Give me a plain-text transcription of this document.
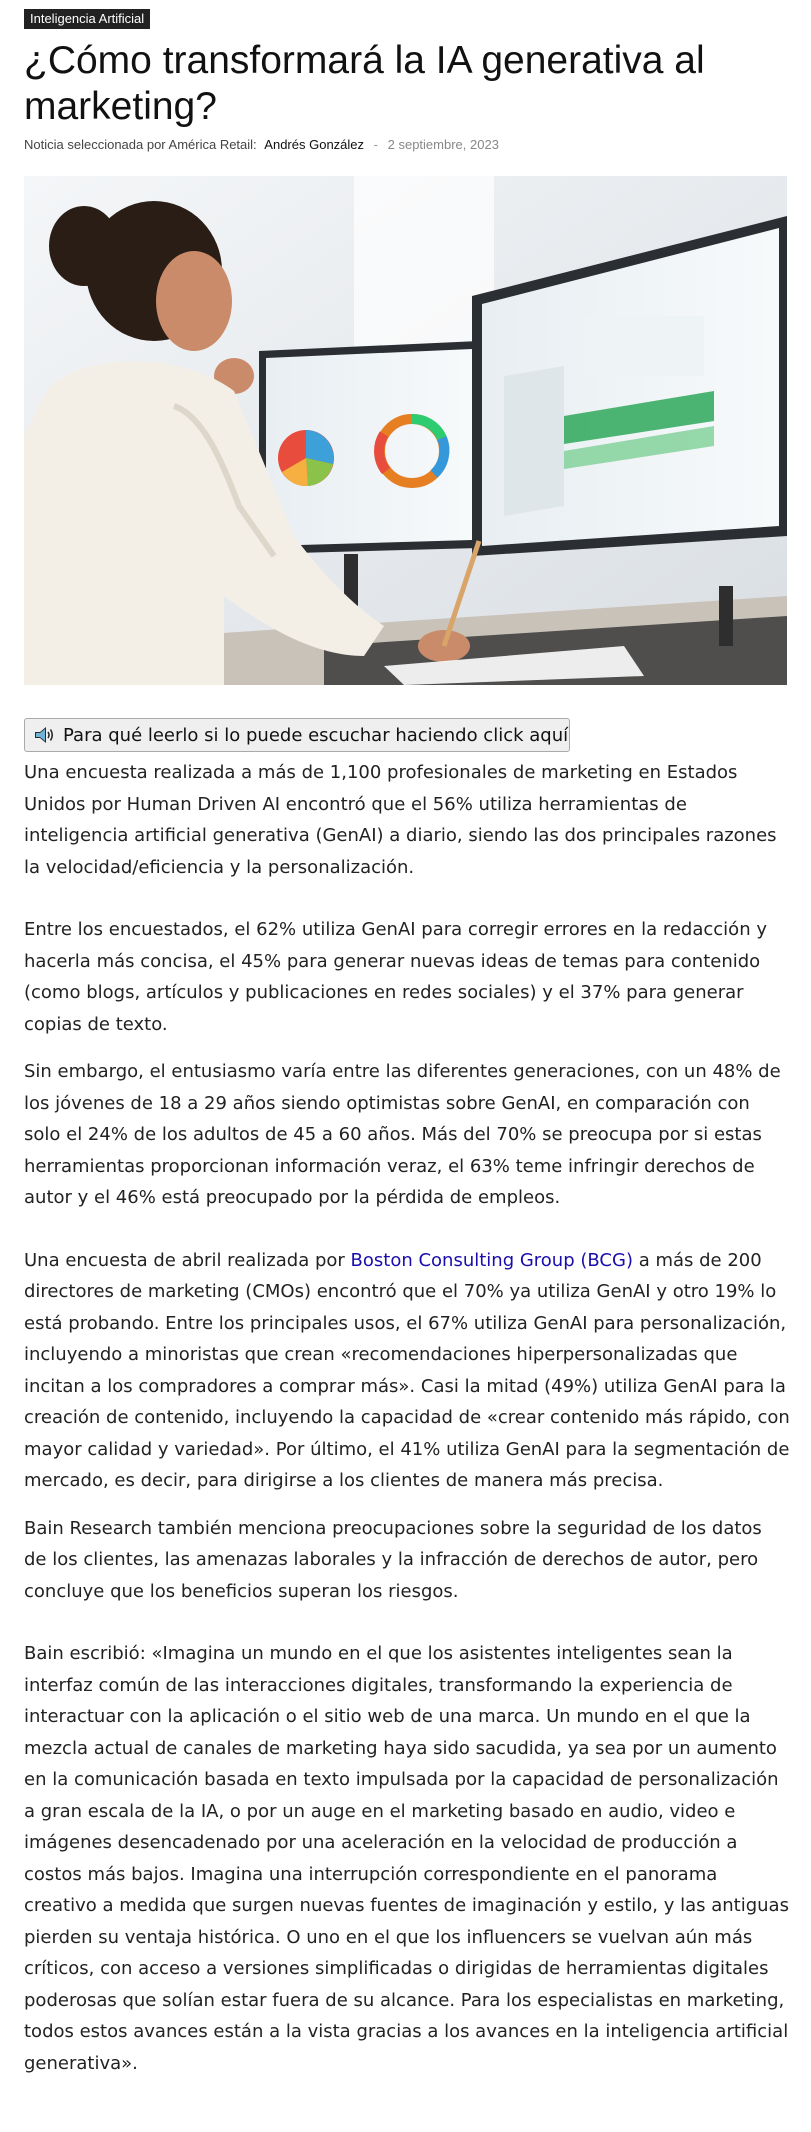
Inteligencia Artificial
¿Cómo transformará la IA generativa al marketing?
Noticia seleccionada por América Retail: Andrés González - 2 septiembre, 2023
Para qué leerlo si lo puede escuchar haciendo click aquí

Una encuesta realizada a más de 1,100 profesionales de marketing en Estados Unidos por Human Driven AI encontró que el 56% utiliza herramientas de inteligencia artificial generativa (GenAI) a diario, siendo las dos principales razones la velocidad/eficiencia y la personalización.

Entre los encuestados, el 62% utiliza GenAI para corregir errores en la redacción y hacerla más concisa, el 45% para generar nuevas ideas de temas para contenido (como blogs, artículos y publicaciones en redes sociales) y el 37% para generar copias de texto.

Sin embargo, el entusiasmo varía entre las diferentes generaciones, con un 48% de los jóvenes de 18 a 29 años siendo optimistas sobre GenAI, en comparación con solo el 24% de los adultos de 45 a 60 años. Más del 70% se preocupa por si estas herramientas proporcionan información veraz, el 63% teme infringir derechos de autor y el 46% está preocupado por la pérdida de empleos.

Una encuesta de abril realizada por Boston Consulting Group (BCG) a más de 200 directores de marketing (CMOs) encontró que el 70% ya utiliza GenAI y otro 19% lo está probando. Entre los principales usos, el 67% utiliza GenAI para personalización, incluyendo a minoristas que crean «recomendaciones hiperpersonalizadas que incitan a los compradores a comprar más». Casi la mitad (49%) utiliza GenAI para la creación de contenido, incluyendo la capacidad de «crear contenido más rápido, con mayor calidad y variedad». Por último, el 41% utiliza GenAI para la segmentación de mercado, es decir, para dirigirse a los clientes de manera más precisa.

Bain Research también menciona preocupaciones sobre la seguridad de los datos de los clientes, las amenazas laborales y la infracción de derechos de autor, pero concluye que los beneficios superan los riesgos.

Bain escribió: «Imagina un mundo en el que los asistentes inteligentes sean la interfaz común de las interacciones digitales, transformando la experiencia de interactuar con la aplicación o el sitio web de una marca. Un mundo en el que la mezcla actual de canales de marketing haya sido sacudida, ya sea por un aumento en la comunicación basada en texto impulsada por la capacidad de personalización a gran escala de la IA, o por un auge en el marketing basado en audio, video e imágenes desencadenado por una aceleración en la velocidad de producción a costos más bajos. Imagina una interrupción correspondiente en el panorama creativo a medida que surgen nuevas fuentes de imaginación y estilo, y las antiguas pierden su ventaja histórica. O uno en el que los influencers se vuelvan aún más críticos, con acceso a versiones simplificadas o dirigidas de herramientas digitales poderosas que solían estar fuera de su alcance. Para los especialistas en marketing, todos estos avances están a la vista gracias a los avances en la inteligencia artificial generativa».
